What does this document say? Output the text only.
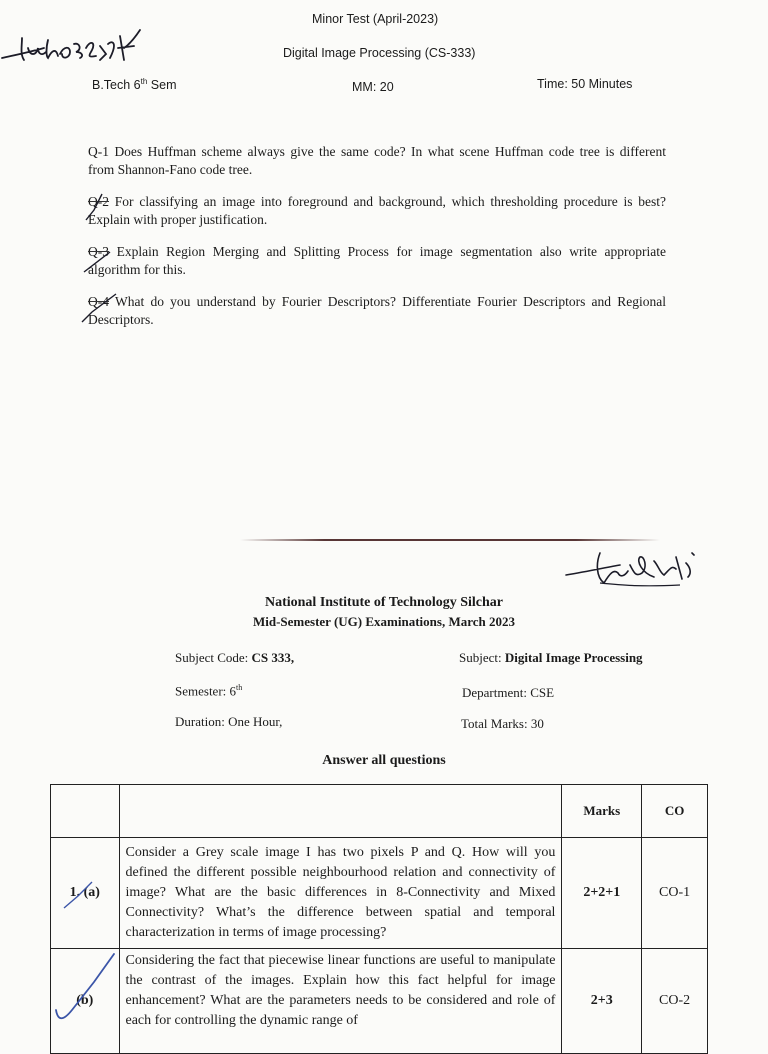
Minor Test (April-2023)
Digital Image Processing (CS-333)
B.Tech 6th Sem	MM: 20	Time: 50 Minutes
Q-1 Does Huffman scheme always give the same code? In what scene Huffman code tree is different
from Shannon-Fano code tree.
Q-2 For classifying an image into foreground and background, which thresholding procedure is best?
Explain with proper justification.
Q-3 Explain Region Merging and Splitting Process for image segmentation also write appropriate
algorithm for this.
Q-4 What do you understand by Fourier Descriptors? Differentiate Fourier Descriptors and Regional
Descriptors.
National Institute of Technology Silchar
Mid-Semester (UG) Examinations, March 2023
Subject Code: CS 333,	Subject: Digital Image Processing
Semester: 6th	Department: CSE
Duration: One Hour,	Total Marks: 30
Answer all questions
		Marks	CO
1. (a)	Consider a Grey scale image I has two pixels P and Q. How will you defined the different possible neighbourhood relation and connectivity of image? What are the basic differences in 8-Connectivity and Mixed Connectivity? What’s the difference between spatial and temporal characterization in terms of image processing?	2+2+1	CO-1
(b)	Considering the fact that piecewise linear functions are useful to manipulate the contrast of the images. Explain how this fact helpful for image enhancement? What are the parameters needs to be considered and role of each for controlling the dynamic range of	2+3	CO-2
